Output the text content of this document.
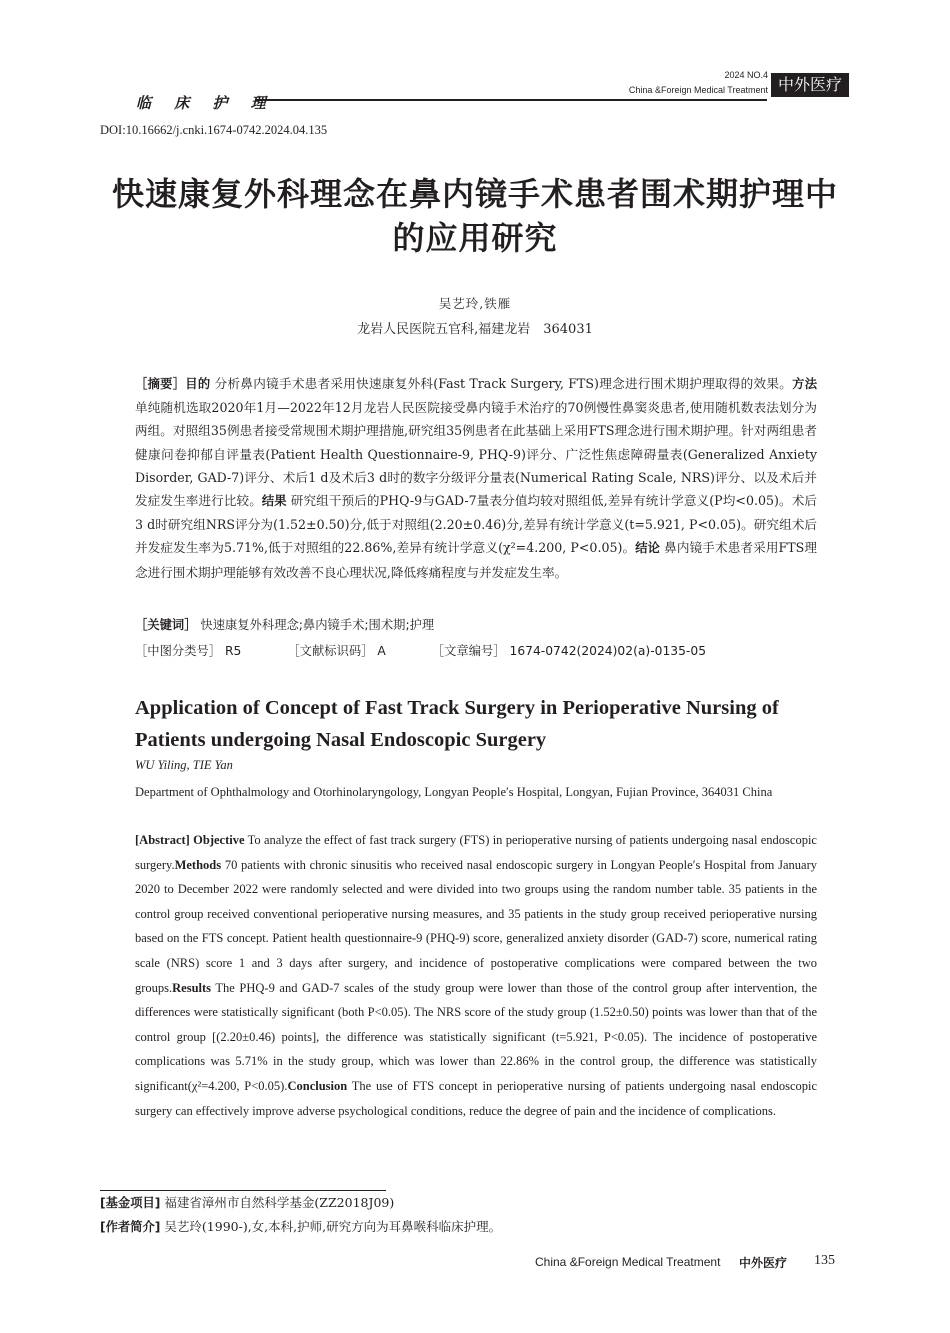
临 床 护 理
2024 NO.4
China &Foreign Medical Treatment 中外医疗
DOI:10.16662/j.cnki.1674-0742.2024.04.135
快速康复外科理念在鼻内镜手术患者围术期护理中的应用研究
吴艺玲,铁雁
龙岩人民医院五官科,福建龙岩　364031
［摘要］目的 分析鼻内镜手术患者采用快速康复外科(Fast Track Surgery, FTS)理念进行围术期护理取得的效果。方法 单纯随机选取2020年1月—2022年12月龙岩人民医院接受鼻内镜手术治疗的70例慢性鼻窦炎患者,使用随机数表法划分为两组。对照组35例患者接受常规围术期护理措施,研究组35例患者在此基础上采用FTS理念进行围术期护理。针对两组患者健康问卷抑郁自评量表(Patient Health Questionnaire-9, PHQ-9)评分、广泛性焦虑障碍量表(Generalized Anxiety Disorder, GAD-7)评分、术后1 d及术后3 d时的数字分级评分量表(Numerical Rating Scale, NRS)评分、以及术后并发症发生率进行比较。结果 研究组干预后的PHQ-9与GAD-7量表分值均较对照组低,差异有统计学意义(P均<0.05)。术后3 d时研究组NRS评分为(1.52±0.50)分,低于对照组(2.20±0.46)分,差异有统计学意义(t=5.921, P<0.05)。研究组术后并发症发生率为5.71%,低于对照组的22.86%,差异有统计学意义(χ²=4.200, P<0.05)。结论 鼻内镜手术患者采用FTS理念进行围术期护理能够有效改善不良心理状况,降低疼痛程度与并发症发生率。
［关键词］ 快速康复外科理念;鼻内镜手术;围术期;护理
［中图分类号］ R5	［文献标识码］ A	［文章编号］ 1674-0742(2024)02(a)-0135-05
Application of Concept of Fast Track Surgery in Perioperative Nursing of Patients undergoing Nasal Endoscopic Surgery
WU Yiling, TIE Yan
Department of Ophthalmology and Otorhinolaryngology, Longyan People′s Hospital, Longyan, Fujian Province, 364031 China
[Abstract] Objective To analyze the effect of fast track surgery (FTS) in perioperative nursing of patients undergoing nasal endoscopic surgery.Methods 70 patients with chronic sinusitis who received nasal endoscopic surgery in Longyan People′s Hospital from January 2020 to December 2022 were randomly selected and were divided into two groups using the random number table. 35 patients in the control group received conventional perioperative nursing measures, and 35 patients in the study group received perioperative nursing based on the FTS concept. Patient health questionnaire-9 (PHQ-9) score, generalized anxiety disorder (GAD-7) score, numerical rating scale (NRS) score 1 and 3 days after surgery, and incidence of postoperative complications were compared between the two groups.Results The PHQ-9 and GAD-7 scales of the study group were lower than those of the control group after intervention, the differences were statistically significant (both P<0.05). The NRS score of the study group (1.52±0.50) points was lower than that of the control group [(2.20±0.46) points], the difference was statistically significant (t=5.921, P<0.05). The incidence of postoperative complications was 5.71% in the study group, which was lower than 22.86% in the control group, the difference was statistically significant(χ²=4.200, P<0.05).Conclusion The use of FTS concept in perioperative nursing of patients undergoing nasal endoscopic surgery can effectively improve adverse psychological conditions, reduce the degree of pain and the incidence of complications.
[基金项目] 福建省漳州市自然科学基金(ZZ2018J09)
[作者简介] 吴艺玲(1990-),女,本科,护师,研究方向为耳鼻喉科临床护理。
China &Foreign Medical Treatment 中外医疗 135
